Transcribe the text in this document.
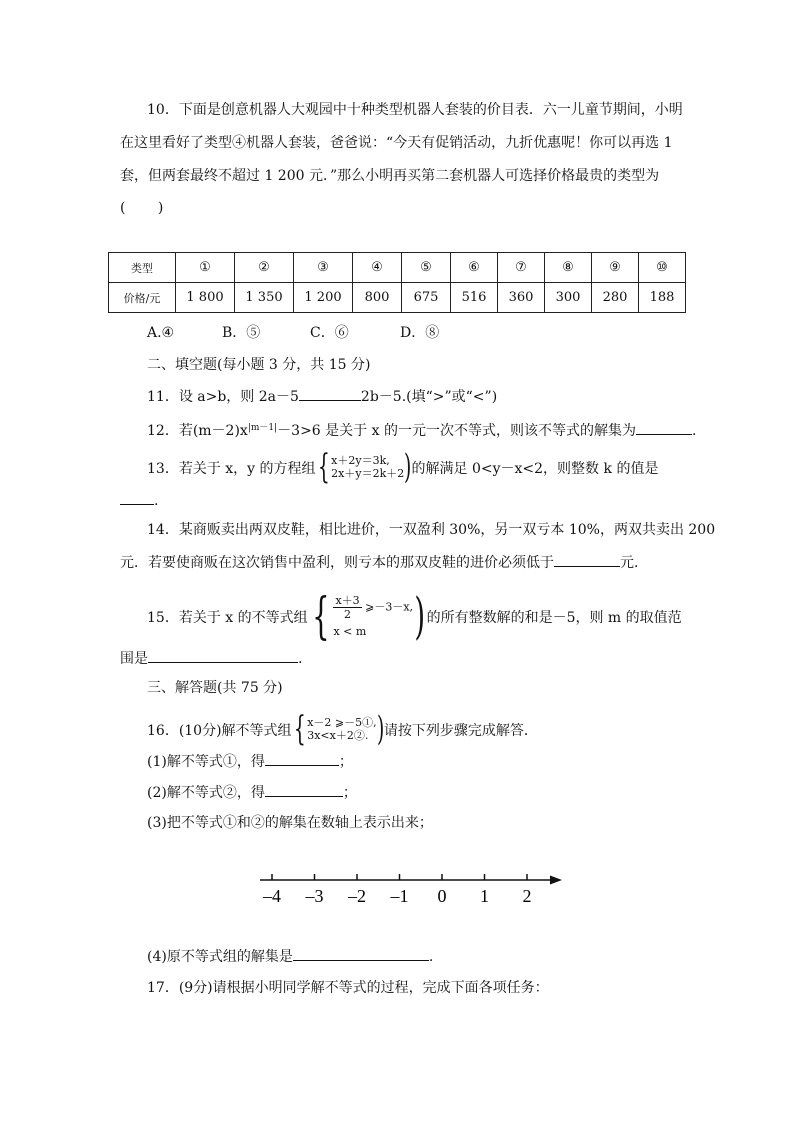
10．下面是创意机器人大观园中十种类型机器人套装的价目表．六一儿童节期间，小明
在这里看好了类型④机器人套装，爸爸说：“今天有促销活动，九折优惠呢！你可以再选 1
套，但两套最终不超过 1 200 元．”那么小明再买第二套机器人可选择价格最贵的类型为
(　　 )
类型	①	②	③	④	⑤	⑥	⑦	⑧	⑨	⑩
价格/元	1 800	1 350	1 200	800	675	516	360	300	280	188
A.④	B．⑤	C．⑥	D．⑧
二、填空题(每小题 3 分，共 15 分)
11．设 a>b，则 2a－5	2b－5.(填“>”或“<”)
12．若$(m-2)x^{|m-1|}-3>6$ 是关于 x 的一元一次不等式，则该不等式的解集为	.
13．若关于 x，y 的方程组 { x＋2y＝3k,
2x＋y＝2k＋2 ) 的解满足 0<y－x<2，则整数 k 的值是
.
14．某商贩卖出两双皮鞋，相比进价，一双盈利 30%，另一双亏本 10%，两双共卖出 200
元．若要使商贩在这次销售中盈利，则亏本的那双皮鞋的进价必须低于	元．
15．若关于 x 的不等式组 { $\frac{x+3}{2}$ ⩾－3－x,
x < m ) 的所有整数解的和是－5，则 m 的取值范
围是	.
三、解答题(共 75 分)
16．(10分)解不等式组 { x－2 ⩾－5①,
3x<x＋2②. ) 请按下列步骤完成解答．
(1)解不等式①，得	；
(2)解不等式②，得	；
(3)把不等式①和②的解集在数轴上表示出来；
–4 –3 –2 –1 0 1 2
(4)原不等式组的解集是	.
17．(9分)请根据小明同学解不等式的过程，完成下面各项任务：
